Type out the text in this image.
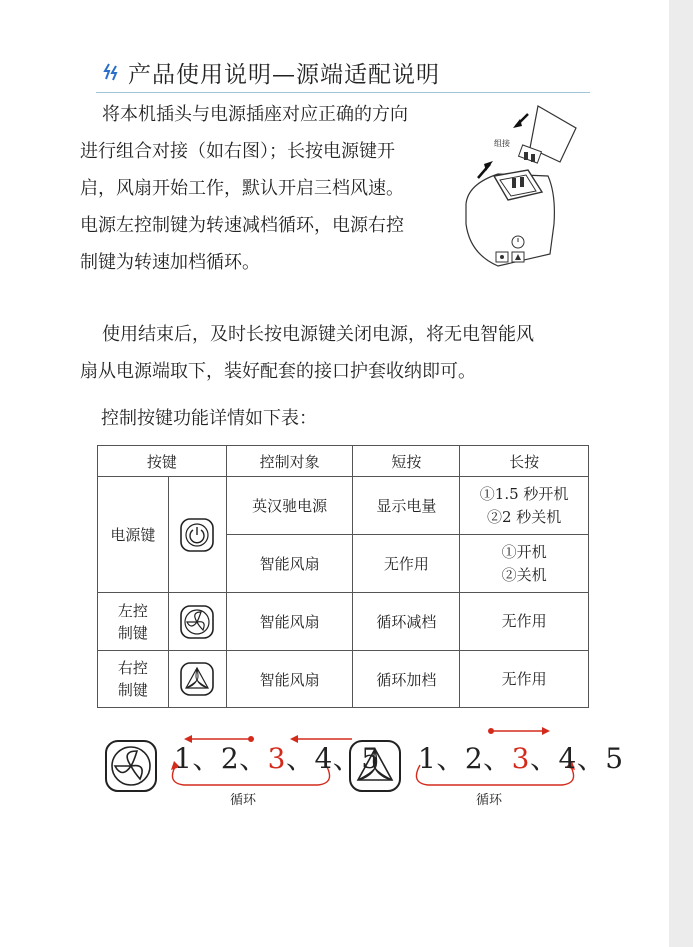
产品使用说明—源端适配说明
将本机插头与电源插座对应正确的方向
进行组合对接（如右图）；长按电源键开
启，风扇开始工作，默认开启三档风速。
电源左控制键为转速减档循环，电源右控
制键为转速加档循环。
组接
使用结束后，及时长按电源键关闭电源，将无电智能风
扇从电源端取下，装好配套的接口护套收纳即可。
控制按键功能详情如下表：
按键		控制对象	短按	长按
电源键		英汉驰电源	显示电量	①1.5 秒开机
②2 秒关机

		智能风扇	无作用	①开机
②关机

左控
制键		智能风扇	循环减档	无作用

右控
制键		智能风扇	循环加档	无作用
1、2、3、4、5
循环
1、2、3、4、5
循环
